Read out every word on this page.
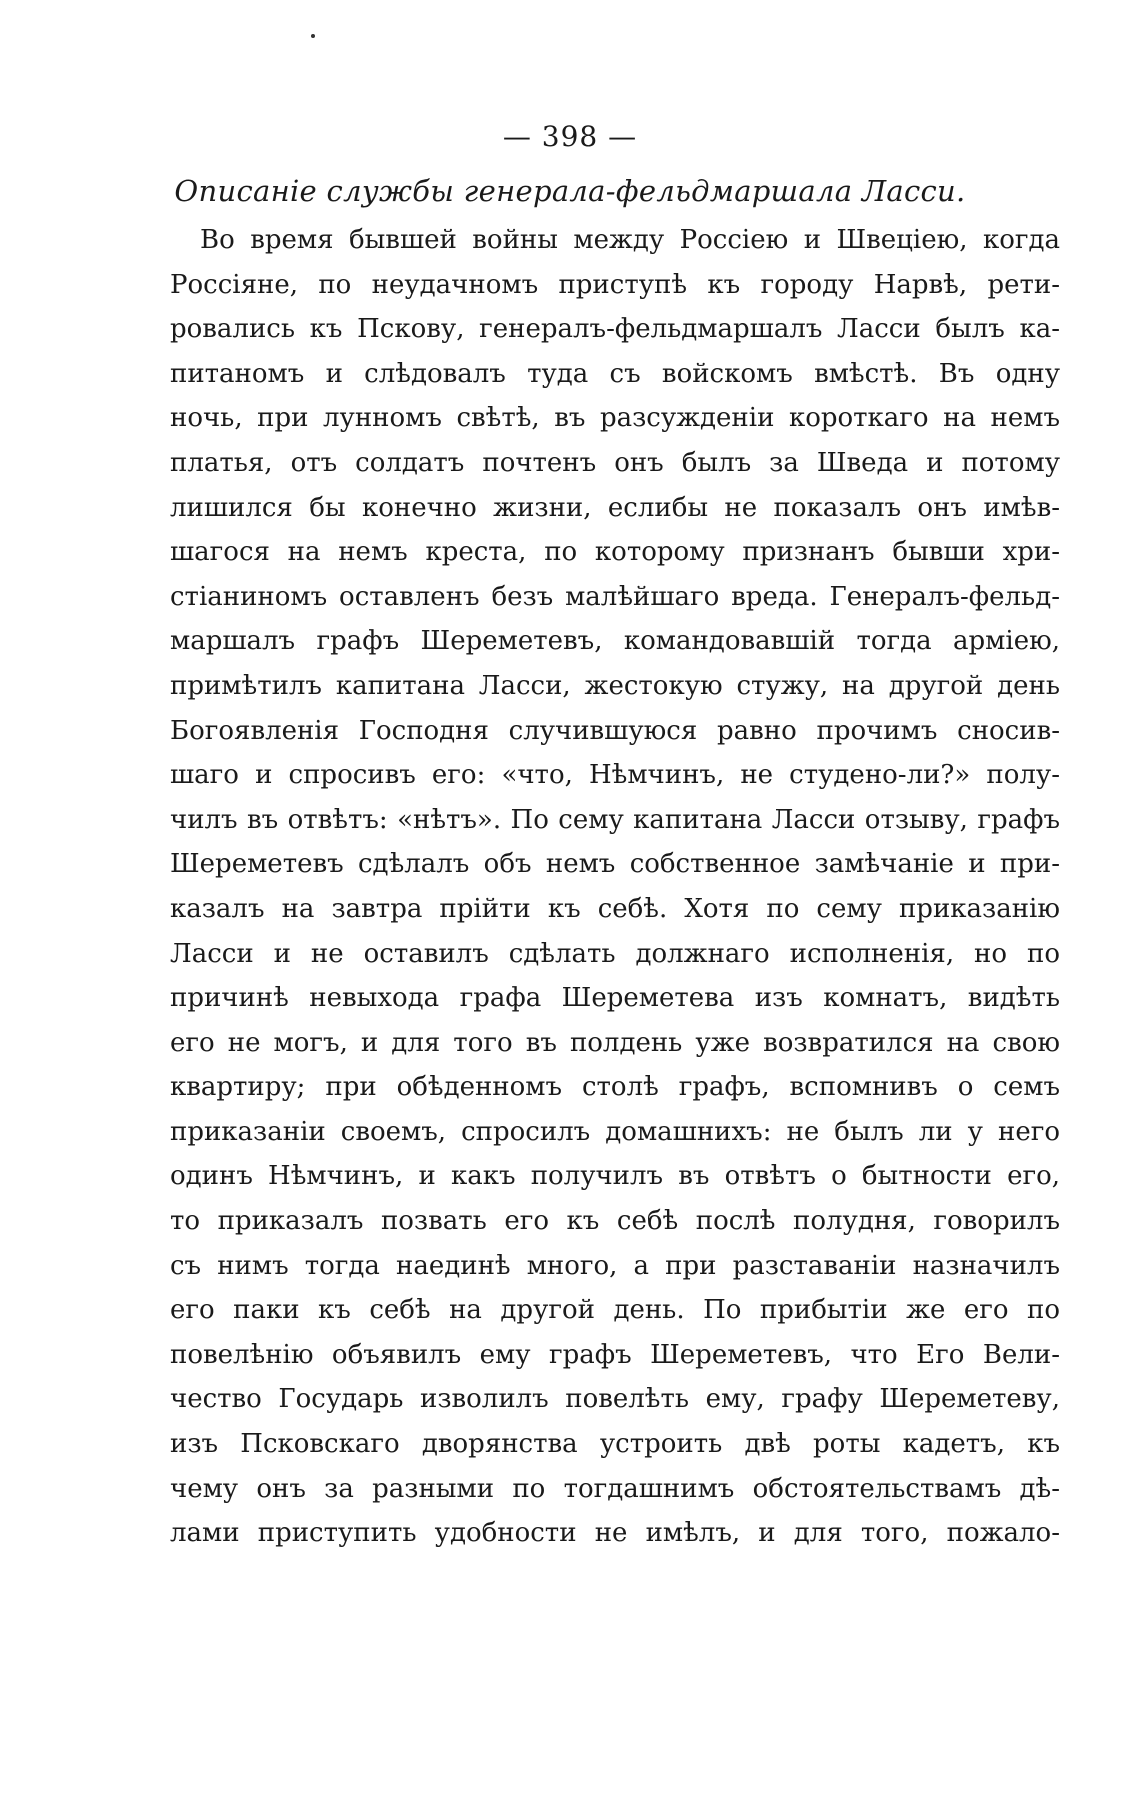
— 398 —
Описаніе службы генерала-фельдмаршала Ласси.
Во время бывшей войны между Россіею и Швеціею, когда
Россіяне, по неудачномъ приступѣ къ городу Нарвѣ, рети-
ровались къ Пскову, генералъ-фельдмаршалъ Ласси былъ ка-
питаномъ и слѣдовалъ туда съ войскомъ вмѣстѣ. Въ одну
ночь, при лунномъ свѣтѣ, въ разсужденіи короткаго на немъ
платья, отъ солдатъ почтенъ онъ былъ за Шведа и потому
лишился бы конечно жизни, еслибы не показалъ онъ имѣв-
шагося на немъ креста, по которому признанъ бывши хри-
стіаниномъ оставленъ безъ малѣйшаго вреда. Генералъ-фельд-
маршалъ графъ Шереметевъ, командовавшій тогда арміею,
примѣтилъ капитана Ласси, жестокую стужу, на другой день
Богоявленія Господня случившуюся равно прочимъ сносив-
шаго и спросивъ его: «что, Нѣмчинъ, не студено-ли?» полу-
чилъ въ отвѣтъ: «нѣтъ». По сему капитана Ласси отзыву, графъ
Шереметевъ сдѣлалъ объ немъ собственное замѣчаніе и при-
казалъ на завтра прійти къ себѣ. Хотя по сему приказанію
Ласси и не оставилъ сдѣлать должнаго исполненія, но по
причинѣ невыхода графа Шереметева изъ комнатъ, видѣть
его не могъ, и для того въ полдень уже возвратился на свою
квартиру; при обѣденномъ столѣ графъ, вспомнивъ о семъ
приказаніи своемъ, спросилъ домашнихъ: не былъ ли у него
одинъ Нѣмчинъ, и какъ получилъ въ отвѣтъ о бытности его,
то приказалъ позвать его къ себѣ послѣ полудня, говорилъ
съ нимъ тогда наединѣ много, а при разставаніи назначилъ
его паки къ себѣ на другой день. По прибытіи же его по
повелѣнію объявилъ ему графъ Шереметевъ, что Его Вели-
чество Государь изволилъ повелѣть ему, графу Шереметеву,
изъ Псковскаго дворянства устроить двѣ роты кадетъ, къ
чему онъ за разными по тогдашнимъ обстоятельствамъ дѣ-
лами приступить удобности не имѣлъ, и для того, пожало-
